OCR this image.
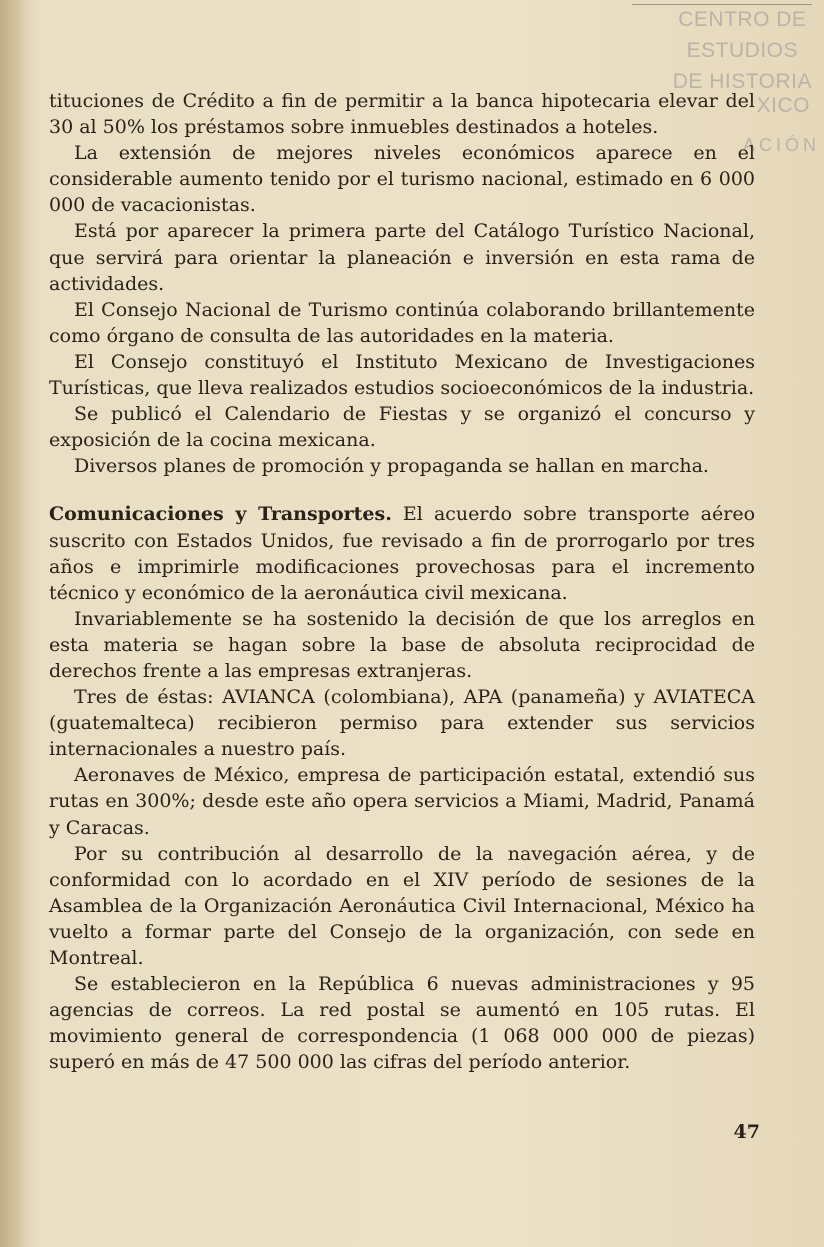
CENTRO DE
ESTUDIOS
DE HISTORIA
XICO
ACIÓN

tituciones de Crédito a fin de permitir a la banca hipotecaria elevar del 30 al 50% los préstamos sobre inmuebles destinados a hoteles.

La extensión de mejores niveles económicos aparece en el considerable aumento tenido por el turismo nacional, estimado en 6 000 000 de vacacionistas.

Está por aparecer la primera parte del Catálogo Turístico Nacional, que servirá para orientar la planeación e inversión en esta rama de actividades.

El Consejo Nacional de Turismo continúa colaborando brillantemente como órgano de consulta de las autoridades en la materia.

El Consejo constituyó el Instituto Mexicano de Investigaciones Turísticas, que lleva realizados estudios socioeconómicos de la industria.

Se publicó el Calendario de Fiestas y se organizó el concurso y exposición de la cocina mexicana.

Diversos planes de promoción y propaganda se hallan en marcha.

Comunicaciones y Transportes. El acuerdo sobre transporte aéreo suscrito con Estados Unidos, fue revisado a fin de prorrogarlo por tres años e imprimirle modificaciones provechosas para el incremento técnico y económico de la aeronáutica civil mexicana.

Invariablemente se ha sostenido la decisión de que los arreglos en esta materia se hagan sobre la base de absoluta reciprocidad de derechos frente a las empresas extranjeras.

Tres de éstas: AVIANCA (colombiana), APA (panameña) y AVIATECA (guatemalteca) recibieron permiso para extender sus servicios internacionales a nuestro país.

Aeronaves de México, empresa de participación estatal, extendió sus rutas en 300%; desde este año opera servicios a Miami, Madrid, Panamá y Caracas.

Por su contribución al desarrollo de la navegación aérea, y de conformidad con lo acordado en el XIV período de sesiones de la Asamblea de la Organización Aeronáutica Civil Internacional, México ha vuelto a formar parte del Consejo de la organización, con sede en Montreal.

Se establecieron en la República 6 nuevas administraciones y 95 agencias de correos. La red postal se aumentó en 105 rutas. El movimiento general de correspondencia (1 068 000 000 de piezas) superó en más de 47 500 000 las cifras del período anterior.

47
